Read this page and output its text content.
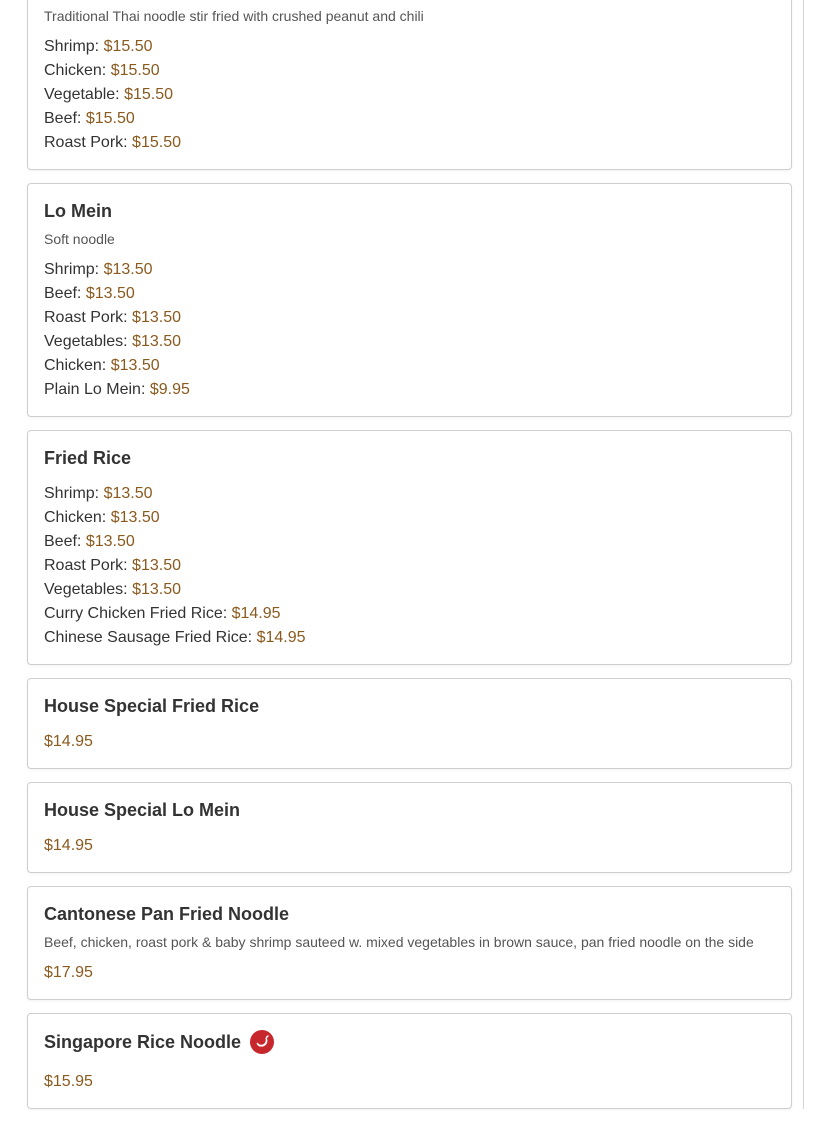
Traditional Thai noodle stir fried with crushed peanut and chili
Shrimp: $15.50
Chicken: $15.50
Vegetable: $15.50
Beef: $15.50
Roast Pork: $15.50
Lo Mein
Soft noodle
Shrimp: $13.50
Beef: $13.50
Roast Pork: $13.50
Vegetables: $13.50
Chicken: $13.50
Plain Lo Mein: $9.95
Fried Rice
Shrimp: $13.50
Chicken: $13.50
Beef: $13.50
Roast Pork: $13.50
Vegetables: $13.50
Curry Chicken Fried Rice: $14.95
Chinese Sausage Fried Rice: $14.95
House Special Fried Rice
$14.95
House Special Lo Mein
$14.95
Cantonese Pan Fried Noodle
Beef, chicken, roast pork & baby shrimp sauteed w. mixed vegetables in brown sauce, pan fried noodle on the side
$17.95
Singapore Rice Noodle
$15.95
